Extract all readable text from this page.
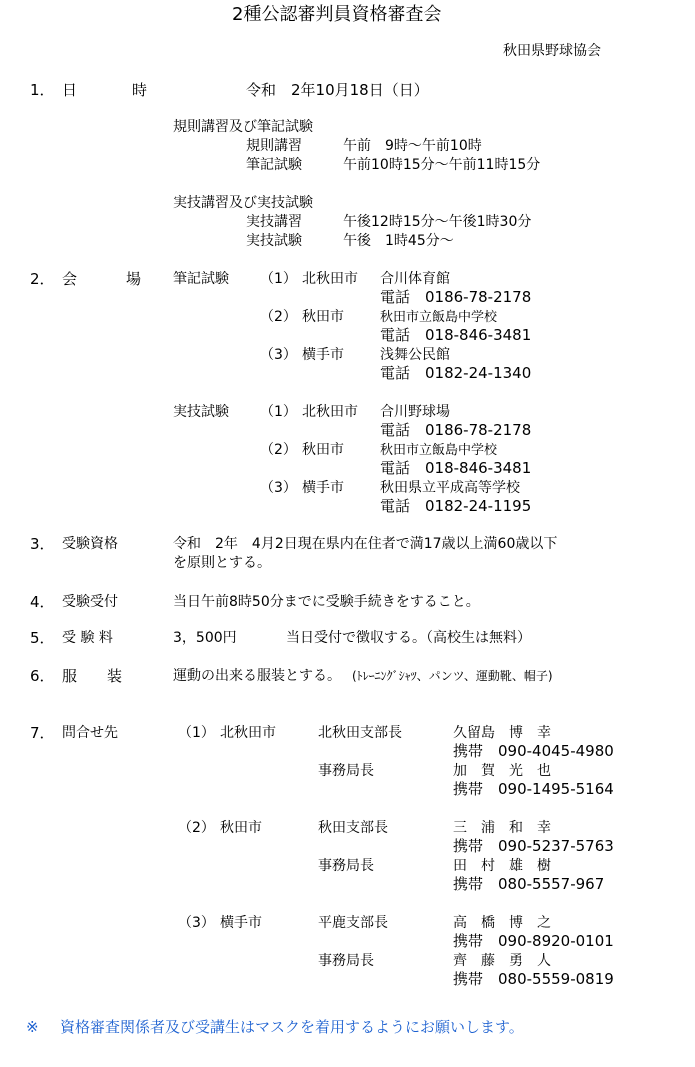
2種公認審判員資格審査会
秋田県野球協会
1． 日	時	令和　2年10月18日（日）
規則講習及び筆記試験
規則講習	午前　9時～午前10時
筆記試験	午前10時15分～午前11時15分
実技講習及び実技試験
実技講習	午後12時15分～午後1時30分
実技試験	午後　1時45分～
2． 会	場 筆記試験 （1） 北秋田市 合川体育館
電話　0186-78-2178
（2） 秋田市	秋田市立飯島中学校
電話　018-846-3481
（3） 横手市	浅舞公民館
電話　0182-24-1340
実技試験 （1） 北秋田市 合川野球場
電話　0186-78-2178
（2） 秋田市	秋田市立飯島中学校
電話　018-846-3481
（3） 横手市	秋田県立平成高等学校
電話　0182-24-1195
3． 受験資格	令和　2年　4月2日現在県内在住者で満17歳以上満60歳以下
を原則とする。
4． 受験受付	当日午前8時50分までに受験手続きをすること。
5． 受 験 料	3，500円	当日受付で徴収する。（高校生は無料）
6． 服 装	運動の出来る服装とする。 (ﾄﾚｰﾆﾝｸﾞｼｬﾂ、パンツ、運動靴、帽子)
7． 問合せ先	（1） 北秋田市	北秋田支部長	久留島　博　幸
携帯　090-4045-4980
事務局長	加　賀　光　也
携帯　090-1495-5164
（2） 秋田市	秋田支部長	三　浦　和　幸
携帯　090-5237-5763
事務局長	田　村　雄　樹
携帯　080-5557-967
（3） 横手市	平鹿支部長	高　橋　博　之
携帯　090-8920-0101
事務局長	齊　藤　勇　人
携帯　080-5559-0819
※ 資格審査関係者及び受講生はマスクを着用するようにお願いします。
